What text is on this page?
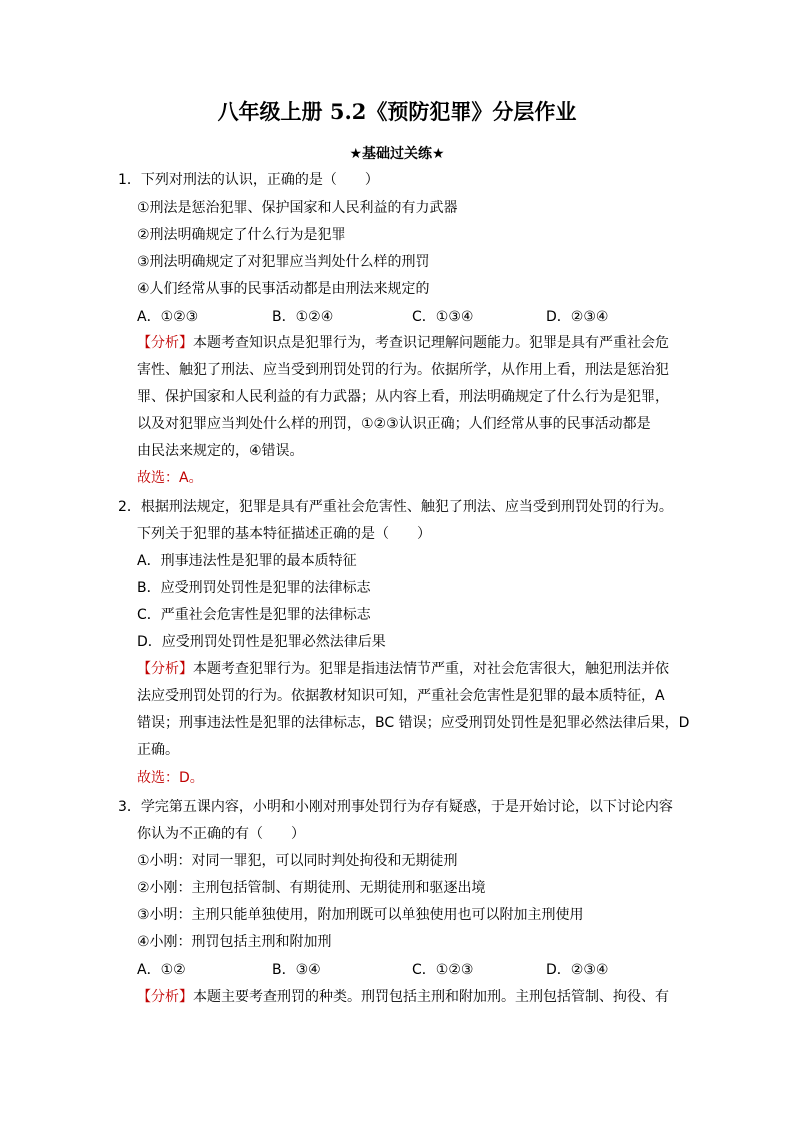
八年级上册 5.2《预防犯罪》分层作业
★基础过关练★
1．下列对刑法的认识，正确的是（　　）
①刑法是惩治犯罪、保护国家和人民利益的有力武器
②刑法明确规定了什么行为是犯罪
③刑法明确规定了对犯罪应当判处什么样的刑罚
④人们经常从事的民事活动都是由刑法来规定的
A．①②③	B．①②④	C．①③④	D．②③④
【分析】本题考查知识点是犯罪行为，考查识记理解问题能力。犯罪是具有严重社会危
害性、触犯了刑法、应当受到刑罚处罚的行为。依据所学，从作用上看，刑法是惩治犯
罪、保护国家和人民利益的有力武器；从内容上看，刑法明确规定了什么行为是犯罪，
以及对犯罪应当判处什么样的刑罚，①②③认识正确；人们经常从事的民事活动都是
由民法来规定的，④错误。
故选：A。
2．根据刑法规定，犯罪是具有严重社会危害性、触犯了刑法、应当受到刑罚处罚的行为。
下列关于犯罪的基本特征描述正确的是（　　）
A．刑事违法性是犯罪的最本质特征
B．应受刑罚处罚性是犯罪的法律标志
C．严重社会危害性是犯罪的法律标志
D．应受刑罚处罚性是犯罪必然法律后果
【分析】本题考查犯罪行为。犯罪是指违法情节严重，对社会危害很大，触犯刑法并依
法应受刑罚处罚的行为。依据教材知识可知，严重社会危害性是犯罪的最本质特征，A
错误；刑事违法性是犯罪的法律标志，BC 错误；应受刑罚处罚性是犯罪必然法律后果，D
正确。
故选：D。
3．学完第五课内容，小明和小刚对刑事处罚行为存有疑惑，于是开始讨论，以下讨论内容
你认为不正确的有（　　）
①小明：对同一罪犯，可以同时判处拘役和无期徒刑
②小刚：主刑包括管制、有期徒刑、无期徒刑和驱逐出境
③小明：主刑只能单独使用，附加刑既可以单独使用也可以附加主刑使用
④小刚：刑罚包括主刑和附加刑
A．①②	B．③④	C．①②③	D．②③④
【分析】本题主要考查刑罚的种类。刑罚包括主刑和附加刑。主刑包括管制、拘役、有
